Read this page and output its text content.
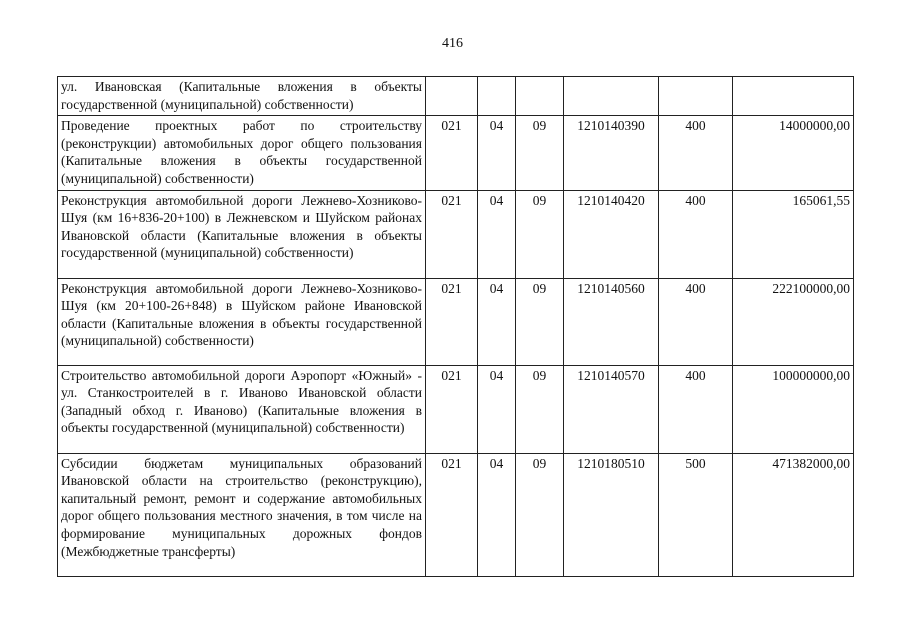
416
ул. Ивановская (Капитальные вложения в объекты государственной (муниципальной) собственности)						
Проведение проектных работ по строительству (реконструкции) автомобильных дорог общего пользования (Капитальные вложения в объекты государственной (муниципальной) собственности)	021	04	09	1210140390	400	14000000,00
Реконструкция автомобильной дороги Лежнево-Хозниково-Шуя (км 16+836-20+100) в Лежневском и Шуйском районах Ивановской области (Капитальные вложения в объекты государственной (муниципальной) собственности)	021	04	09	1210140420	400	165061,55
Реконструкция автомобильной дороги Лежнево-Хозниково-Шуя (км 20+100-26+848) в Шуйском районе Ивановской области (Капитальные вложения в объекты государственной (муниципальной) собственности)	021	04	09	1210140560	400	222100000,00
Строительство автомобильной дороги Аэропорт «Южный» - ул. Станкостроителей в г. Иваново Ивановской области (Западный обход г. Иваново) (Капитальные вложения в объекты государственной (муниципальной) собственности)	021	04	09	1210140570	400	100000000,00
Субсидии бюджетам муниципальных образований Ивановской области на строительство (реконструкцию), капитальный ремонт, ремонт и содержание автомобильных дорог общего пользования местного значения, в том числе на формирование муниципальных дорожных фондов (Межбюджетные трансферты)	021	04	09	1210180510	500	471382000,00
